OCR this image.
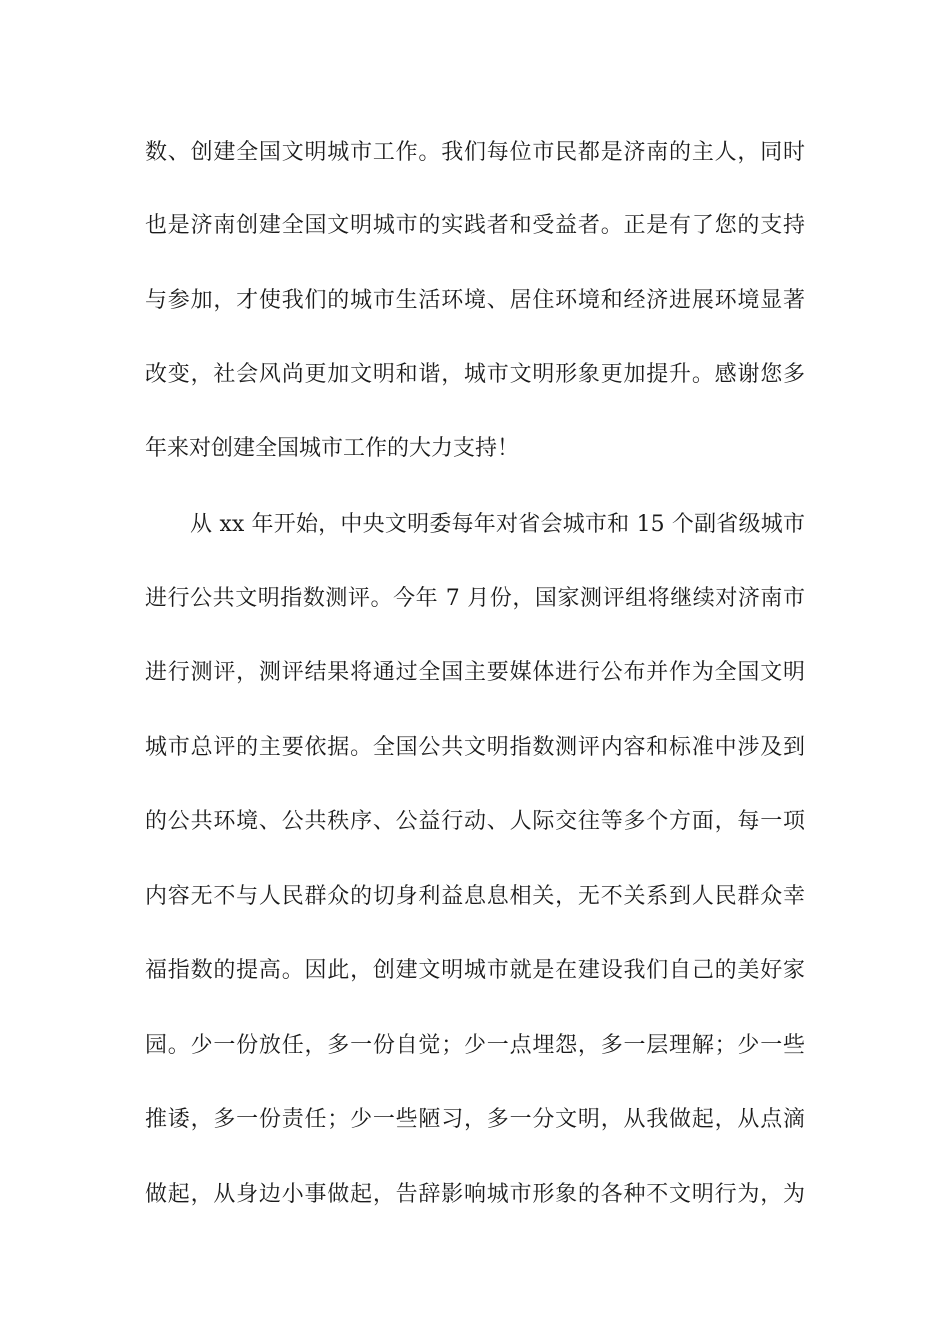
数、创建全国文明城市工作。我们每位市民都是济南的主人，同时
也是济南创建全国文明城市的实践者和受益者。正是有了您的支持
与参加，才使我们的城市生活环境、居住环境和经济进展环境显著
改变，社会风尚更加文明和谐，城市文明形象更加提升。感谢您多
年来对创建全国城市工作的大力支持！
从 xx 年开始，中央文明委每年对省会城市和 15 个副省级城市
进行公共文明指数测评。今年 7 月份，国家测评组将继续对济南市
进行测评，测评结果将通过全国主要媒体进行公布并作为全国文明
城市总评的主要依据。全国公共文明指数测评内容和标准中涉及到
的公共环境、公共秩序、公益行动、人际交往等多个方面，每一项
内容无不与人民群众的切身利益息息相关，无不关系到人民群众幸
福指数的提高。因此，创建文明城市就是在建设我们自己的美好家
园。少一份放任，多一份自觉；少一点埋怨，多一层理解；少一些
推诿，多一份责任；少一些陋习，多一分文明，从我做起，从点滴
做起，从身边小事做起，告辞影响城市形象的各种不文明行为，为
